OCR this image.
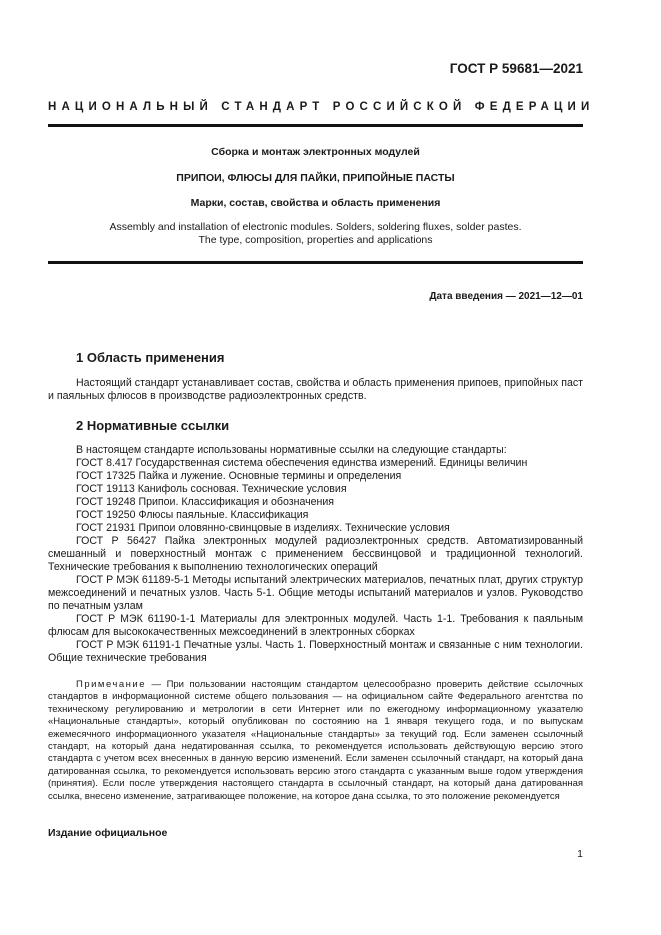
ГОСТ Р 59681—2021
НАЦИОНАЛЬНЫЙ СТАНДАРТ РОССИЙСКОЙ ФЕДЕРАЦИИ
Сборка и монтаж электронных модулей
ПРИПОИ, ФЛЮСЫ ДЛЯ ПАЙКИ, ПРИПОЙНЫЕ ПАСТЫ
Марки, состав, свойства и область применения
Assembly and installation of electronic modules. Solders, soldering fluxes, solder pastes.
The type, composition, properties and applications
Дата введения — 2021—12—01
1 Область применения

Настоящий стандарт устанавливает состав, свойства и область применения припоев, припойных паст и паяльных флюсов в производстве радиоэлектронных средств.

2 Нормативные ссылки

В настоящем стандарте использованы нормативные ссылки на следующие стандарты:

ГОСТ 8.417 Государственная система обеспечения единства измерений. Единицы величин

ГОСТ 17325 Пайка и лужение. Основные термины и определения

ГОСТ 19113 Канифоль сосновая. Технические условия

ГОСТ 19248 Припои. Классификация и обозначения

ГОСТ 19250 Флюсы паяльные. Классификация

ГОСТ 21931 Припои оловянно-свинцовые в изделиях. Технические условия

ГОСТ Р 56427 Пайка электронных модулей радиоэлектронных средств. Автоматизированный смешанный и поверхностный монтаж с применением бессвинцовой и традиционной технологий. Технические требования к выполнению технологических операций

ГОСТ Р МЭК 61189-5-1 Методы испытаний электрических материалов, печатных плат, других структур межсоединений и печатных узлов. Часть 5-1. Общие методы испытаний материалов и узлов. Руководство по печатным узлам

ГОСТ Р МЭК 61190-1-1 Материалы для электронных модулей. Часть 1-1. Требования к паяльным флюсам для высококачественных межсоединений в электронных сборках

ГОСТ Р МЭК 61191-1 Печатные узлы. Часть 1. Поверхностный монтаж и связанные с ним технологии. Общие технические требования

Примечание — При пользовании настоящим стандартом целесообразно проверить действие ссылочных стандартов в информационной системе общего пользования — на официальном сайте Федерального агентства по техническому регулированию и метрологии в сети Интернет или по ежегодному информационному указателю «Национальные стандарты», который опубликован по состоянию на 1 января текущего года, и по выпускам ежемесячного информационного указателя «Национальные стандарты» за текущий год. Если заменен ссылочный стандарт, на который дана недатированная ссылка, то рекомендуется использовать действующую версию этого стандарта с учетом всех внесенных в данную версию изменений. Если заменен ссылочный стандарт, на который дана датированная ссылка, то рекомендуется использовать версию этого стандарта с указанным выше годом утверждения (принятия). Если после утверждения настоящего стандарта в ссылочный стандарт, на который дана датированная ссылка, внесено изменение, затрагивающее положение, на которое дана ссылка, то это положение рекомендуется

Издание официальное
1
